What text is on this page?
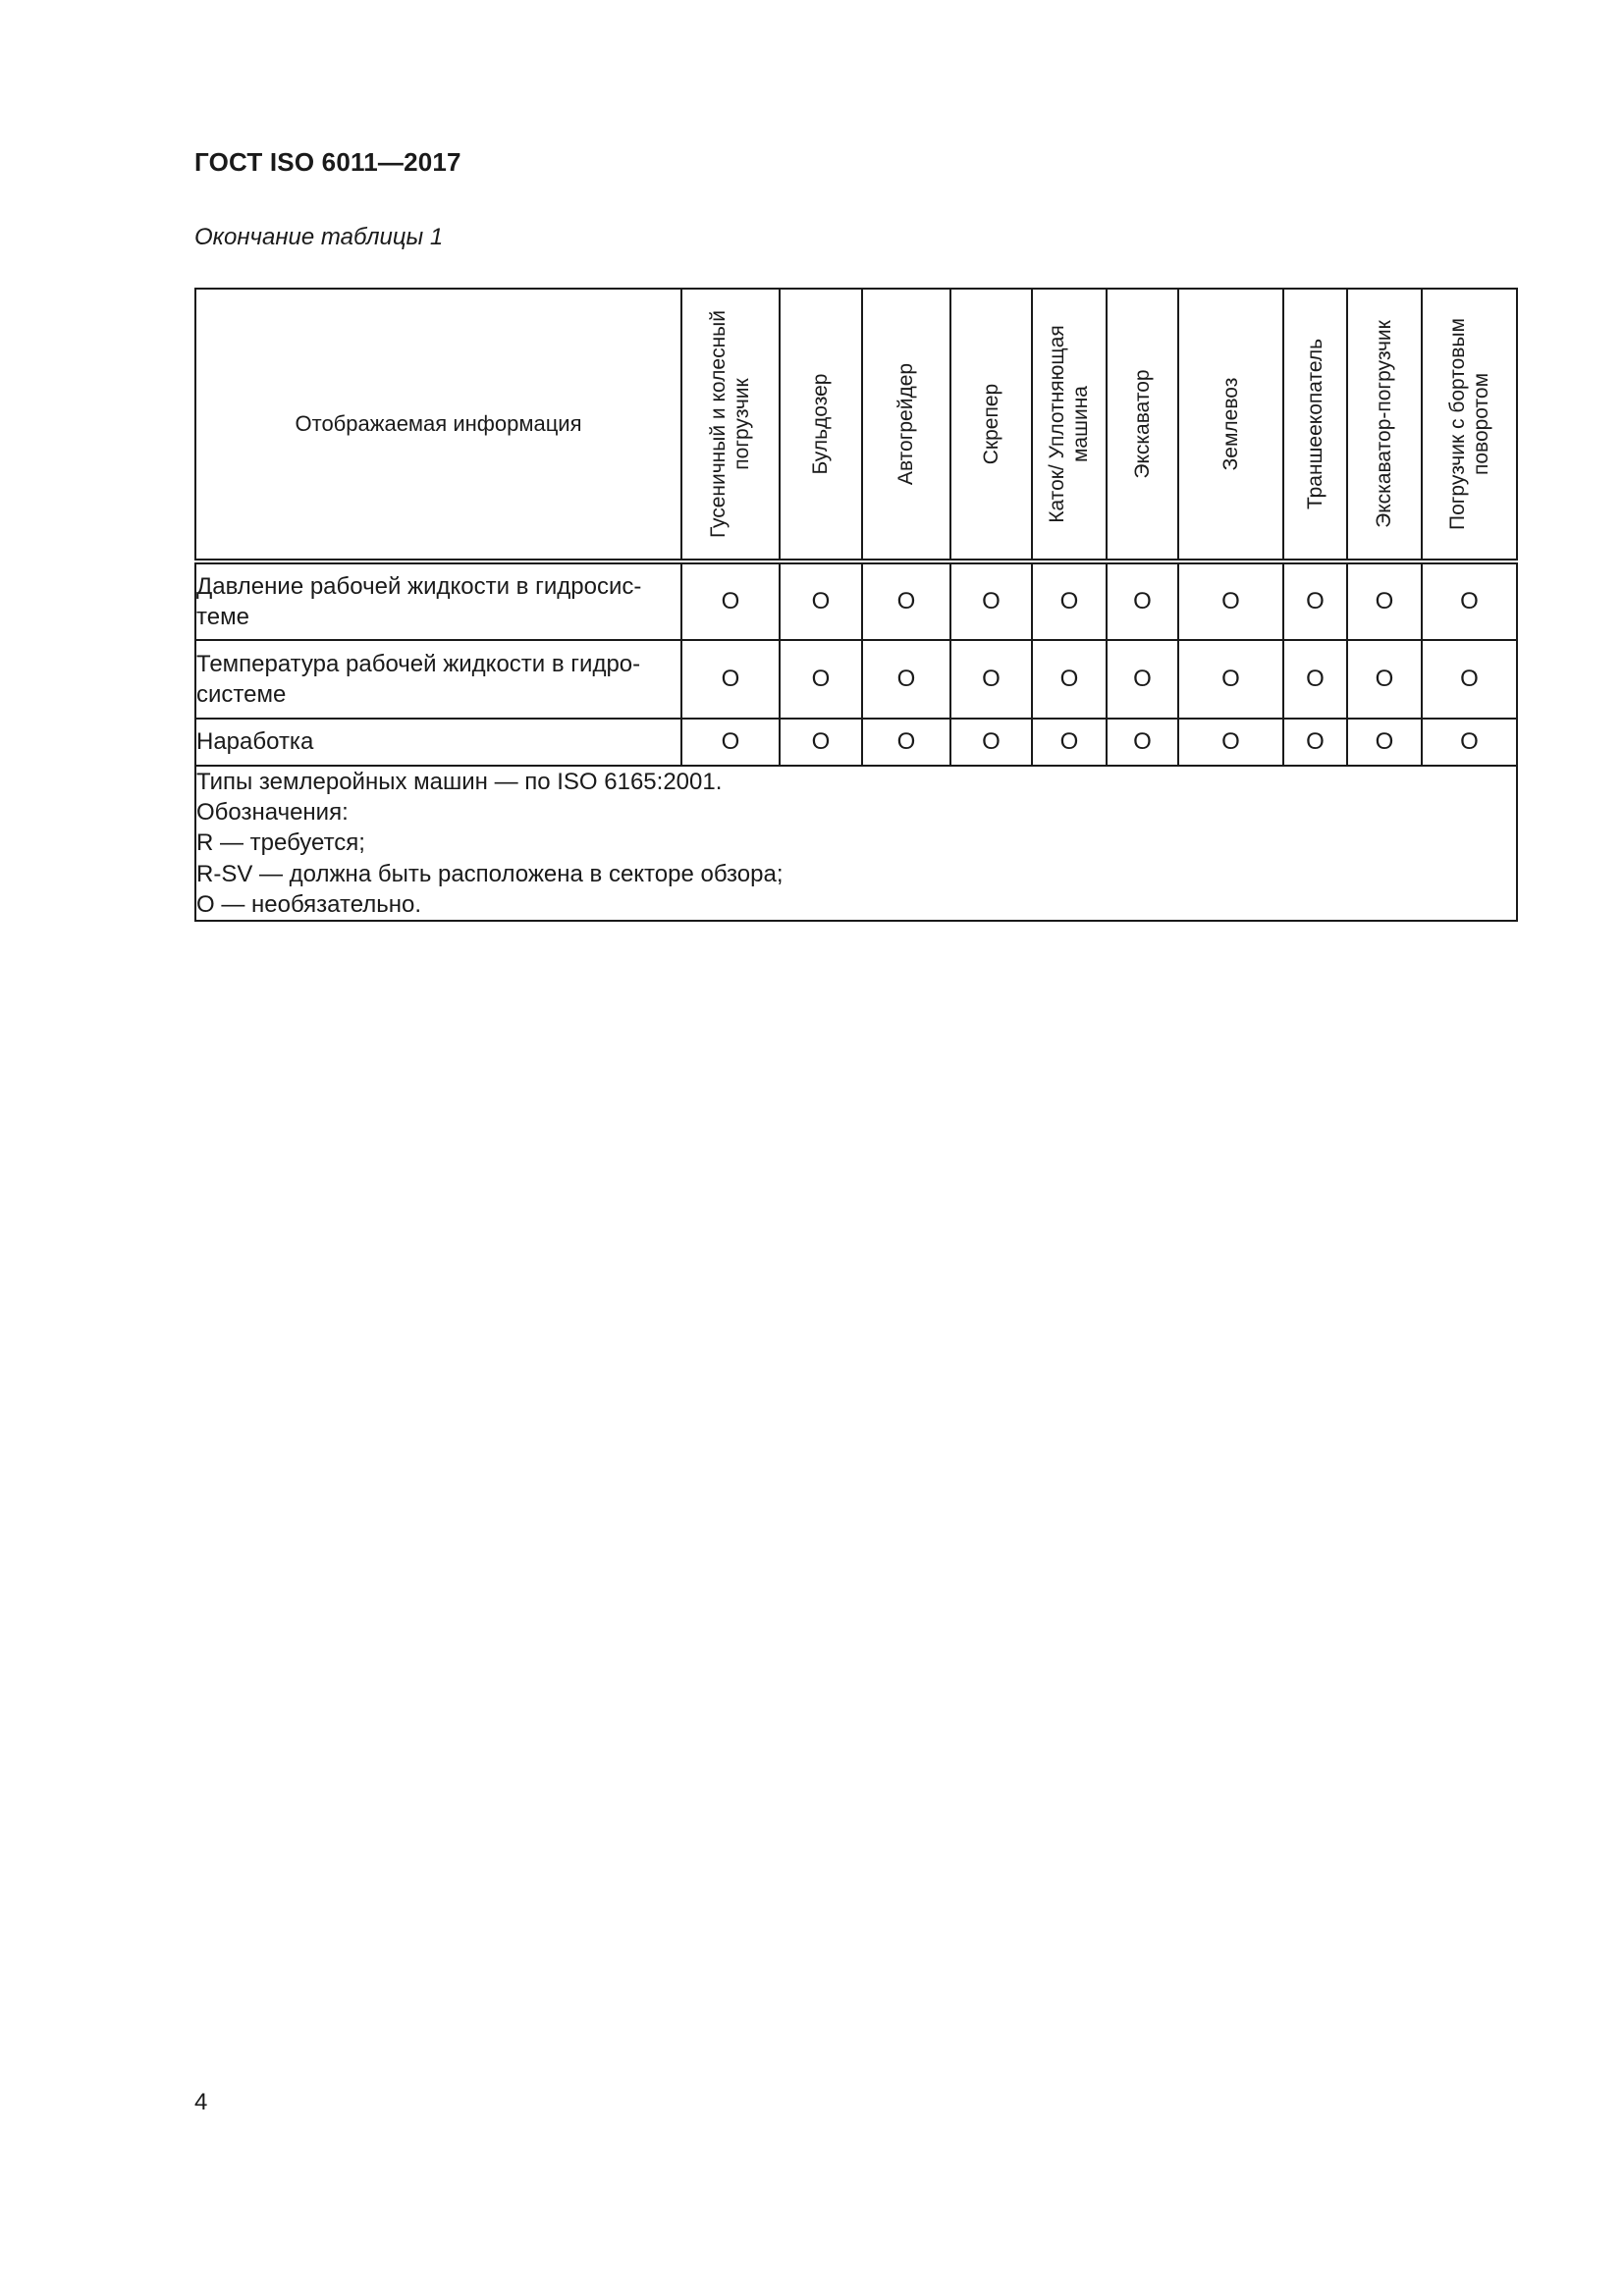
ГОСТ ISO 6011—2017
Окончание таблицы 1
Отображаемая информация	Гусеничный и колесный погрузчик	Бульдозер	Автогрейдер	Скрепер	Каток/ Уплотняющая машина	Экскаватор	Землевоз	Траншеекопатель	Экскаватор-погрузчик	Погрузчик с бортовым поворотом

Давление рабочей жидкости в гидросис-теме	O	O	O	O	O	O	O	O	O	O
Температура рабочей жидкости в гидро-системе	O	O	O	O	O	O	O	O	O	O
Наработка	O	O	O	O	O	O	O	O	O	O

Типы землеройных машин — по ISO 6165:2001.
Обозначения:
R — требуется;
R-SV — должна быть расположена в секторе обзора;
O — необязательно.										
4
